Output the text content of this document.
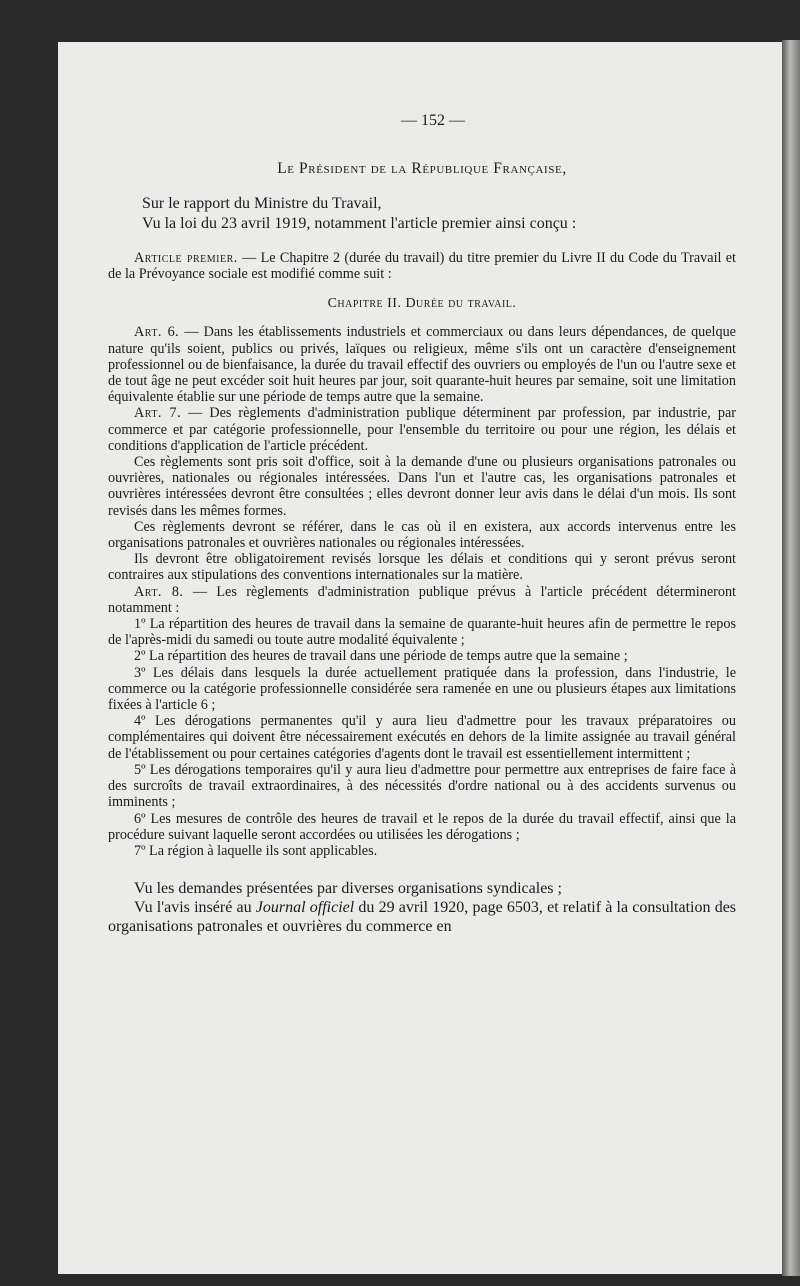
— 152 —
Le Président de la République Française,

Sur le rapport du Ministre du Travail,

Vu la loi du 23 avril 1919, notamment l'article premier ainsi conçu :

Article premier. — Le Chapitre 2 (durée du travail) du titre premier du Livre II du Code du Travail et de la Prévoyance sociale est modifié comme suit :

Chapitre II. Durée du travail.

Art. 6. — Dans les établissements industriels et commerciaux ou dans leurs dépendances, de quelque nature qu'ils soient, publics ou privés, laïques ou religieux, même s'ils ont un caractère d'enseignement professionnel ou de bienfaisance, la durée du travail effectif des ouvriers ou employés de l'un ou l'autre sexe et de tout âge ne peut excéder soit huit heures par jour, soit quarante-huit heures par semaine, soit une limitation équivalente établie sur une période de temps autre que la semaine.

Art. 7. — Des règlements d'administration publique déterminent par profession, par industrie, par commerce et par catégorie professionnelle, pour l'ensemble du territoire ou pour une région, les délais et conditions d'application de l'article précédent.

Ces règlements sont pris soit d'office, soit à la demande d'une ou plusieurs organisations patronales ou ouvrières, nationales ou régionales intéressées. Dans l'un et l'autre cas, les organisations patronales et ouvrières intéressées devront être consultées ; elles devront donner leur avis dans le délai d'un mois. Ils sont revisés dans les mêmes formes.

Ces règlements devront se référer, dans le cas où il en existera, aux accords intervenus entre les organisations patronales et ouvrières nationales ou régionales intéressées.

Ils devront être obligatoirement revisés lorsque les délais et conditions qui y seront prévus seront contraires aux stipulations des conventions internationales sur la matière.

Art. 8. — Les règlements d'administration publique prévus à l'article précédent détermineront notamment :

1º La répartition des heures de travail dans la semaine de quarante-huit heures afin de permettre le repos de l'après-midi du samedi ou toute autre modalité équivalente ;

2º La répartition des heures de travail dans une période de temps autre que la semaine ;

3º Les délais dans lesquels la durée actuellement pratiquée dans la profession, dans l'industrie, le commerce ou la catégorie professionnelle considérée sera ramenée en une ou plusieurs étapes aux limitations fixées à l'article 6 ;

4º Les dérogations permanentes qu'il y aura lieu d'admettre pour les travaux préparatoires ou complémentaires qui doivent être nécessairement exécutés en dehors de la limite assignée au travail général de l'établissement ou pour certaines catégories d'agents dont le travail est essentiellement intermittent ;

5º Les dérogations temporaires qu'il y aura lieu d'admettre pour permettre aux entreprises de faire face à des surcroîts de travail extraordinaires, à des nécessités d'ordre national ou à des accidents survenus ou imminents ;

6º Les mesures de contrôle des heures de travail et le repos de la durée du travail effectif, ainsi que la procédure suivant laquelle seront accordées ou utilisées les dérogations ;

7º La région à laquelle ils sont applicables.

Vu les demandes présentées par diverses organisations syndicales ;

Vu l'avis inséré au Journal officiel du 29 avril 1920, page 6503, et relatif à la consultation des organisations patronales et ouvrières du commerce en
